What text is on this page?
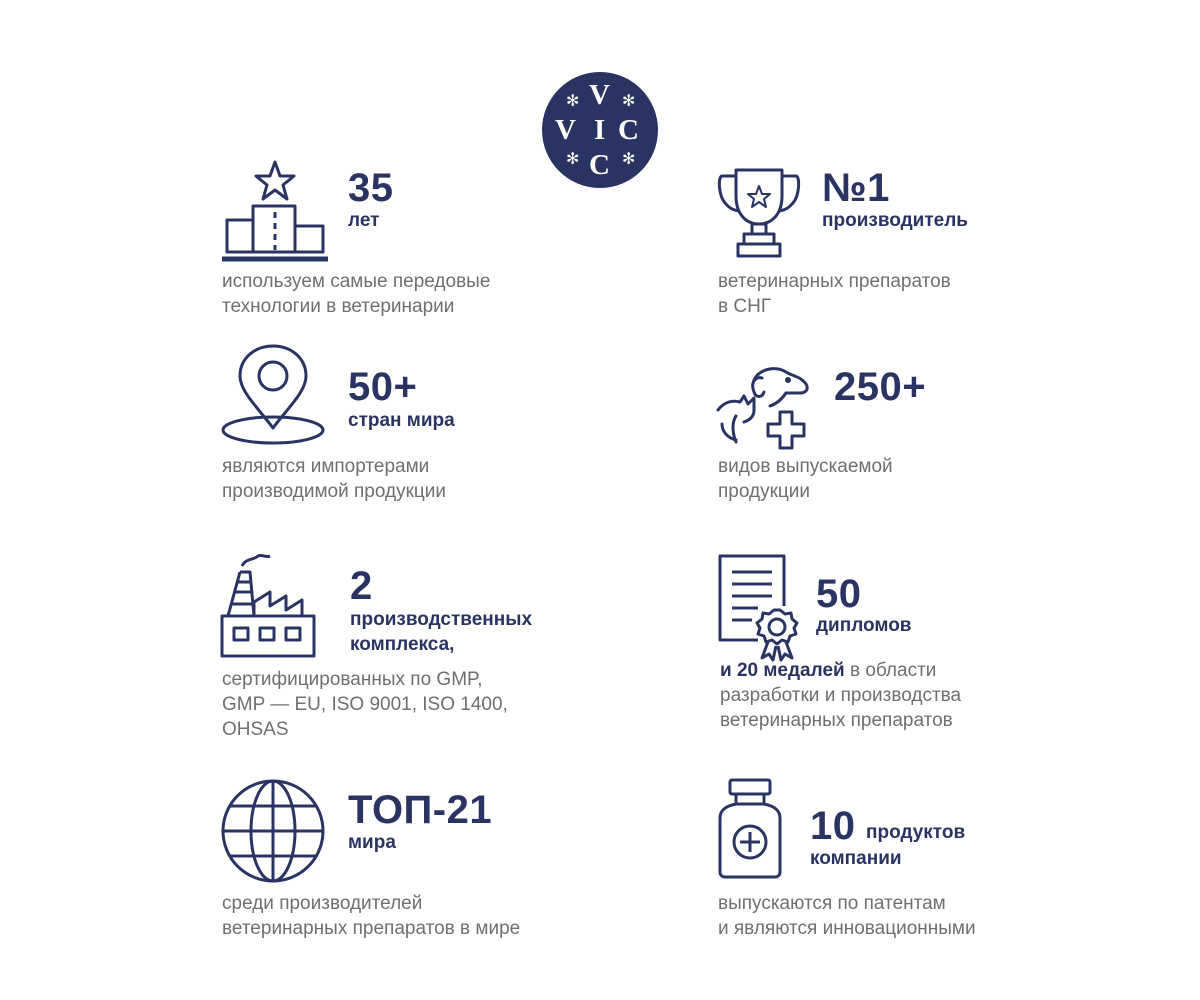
V
V I C
C
✻	✻
✻	✻
35
лет
используем самые передовые
технологии в ветеринарии
№1
производитель
ветеринарных препаратов
в СНГ
50+
стран мира
являются импортерами
производимой продукции
250+
видов выпускаемой
продукции
2
производственных
комплекса,
сертифицированных по GMP,
GMP — EU, ISO 9001, ISO 1400,
OHSAS
50
дипломов
и 20 медалей в области
разработки и производства
ветеринарных препаратов
ТОП-21
мира
среди производителей
ветеринарных препаратов в мире
10 продуктов
компании
выпускаются по патентам
и являются инновационными
